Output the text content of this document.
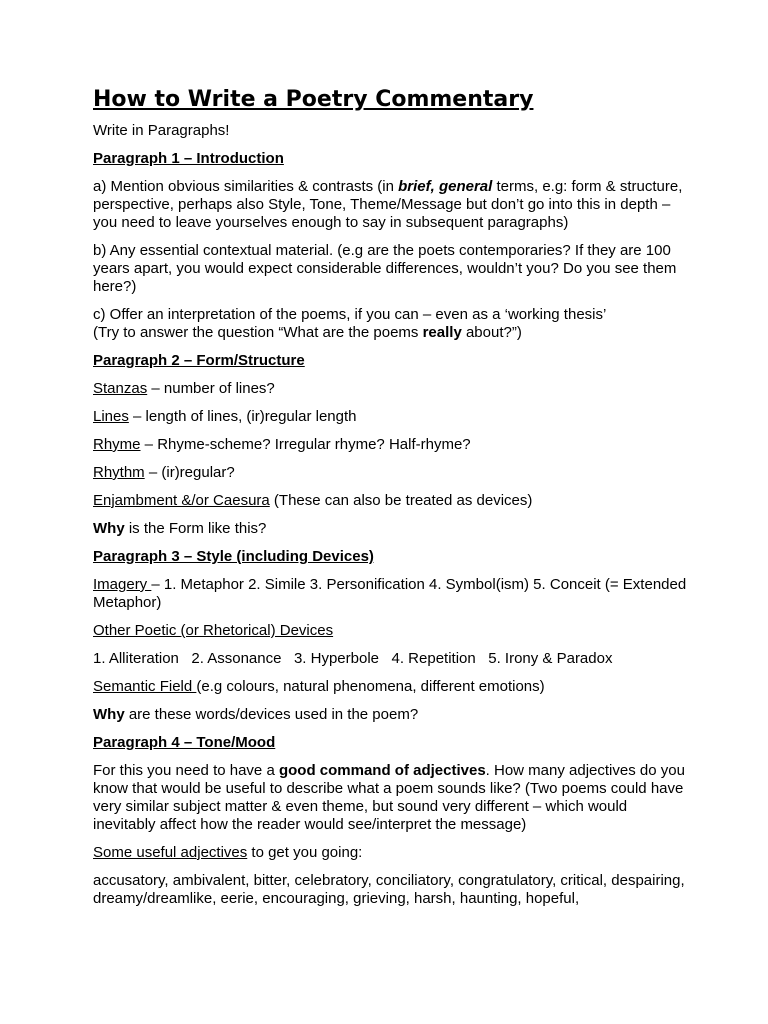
How to Write a Poetry Commentary

Write in Paragraphs!

Paragraph 1 – Introduction

a) Mention obvious similarities & contrasts (in brief, general terms, e.g: form & structure, perspective, perhaps also Style, Tone, Theme/Message but don’t go into this in depth – you need to leave yourselves enough to say in subsequent paragraphs)

b) Any essential contextual material. (e.g are the poets contemporaries? If they are 100 years apart, you would expect considerable differences, wouldn’t you? Do you see them here?)

c) Offer an interpretation of the poems, if you can – even as a ‘working thesis’
(Try to answer the question “What are the poems really about?”)

Paragraph 2 – Form/Structure

Stanzas – number of lines?

Lines – length of lines, (ir)regular length

Rhyme – Rhyme-scheme? Irregular rhyme? Half-rhyme?

Rhythm – (ir)regular?

Enjambment &/or Caesura (These can also be treated as devices)

Why is the Form like this?

Paragraph 3 – Style (including Devices)

Imagery – 1. Metaphor 2. Simile 3. Personification 4. Symbol(ism) 5. Conceit (= Extended Metaphor)

Other Poetic (or Rhetorical) Devices

1. Alliteration   2. Assonance   3. Hyperbole   4. Repetition   5. Irony & Paradox

Semantic Field (e.g colours, natural phenomena, different emotions)

Why are these words/devices used in the poem?

Paragraph 4 – Tone/Mood

For this you need to have a good command of adjectives. How many adjectives do you know that would be useful to describe what a poem sounds like? (Two poems could have very similar subject matter & even theme, but sound very different – which would inevitably affect how the reader would see/interpret the message)

Some useful adjectives to get you going:

accusatory, ambivalent, bitter, celebratory, conciliatory, congratulatory, critical, despairing, dreamy/dreamlike, eerie, encouraging, grieving, harsh, haunting, hopeful,
